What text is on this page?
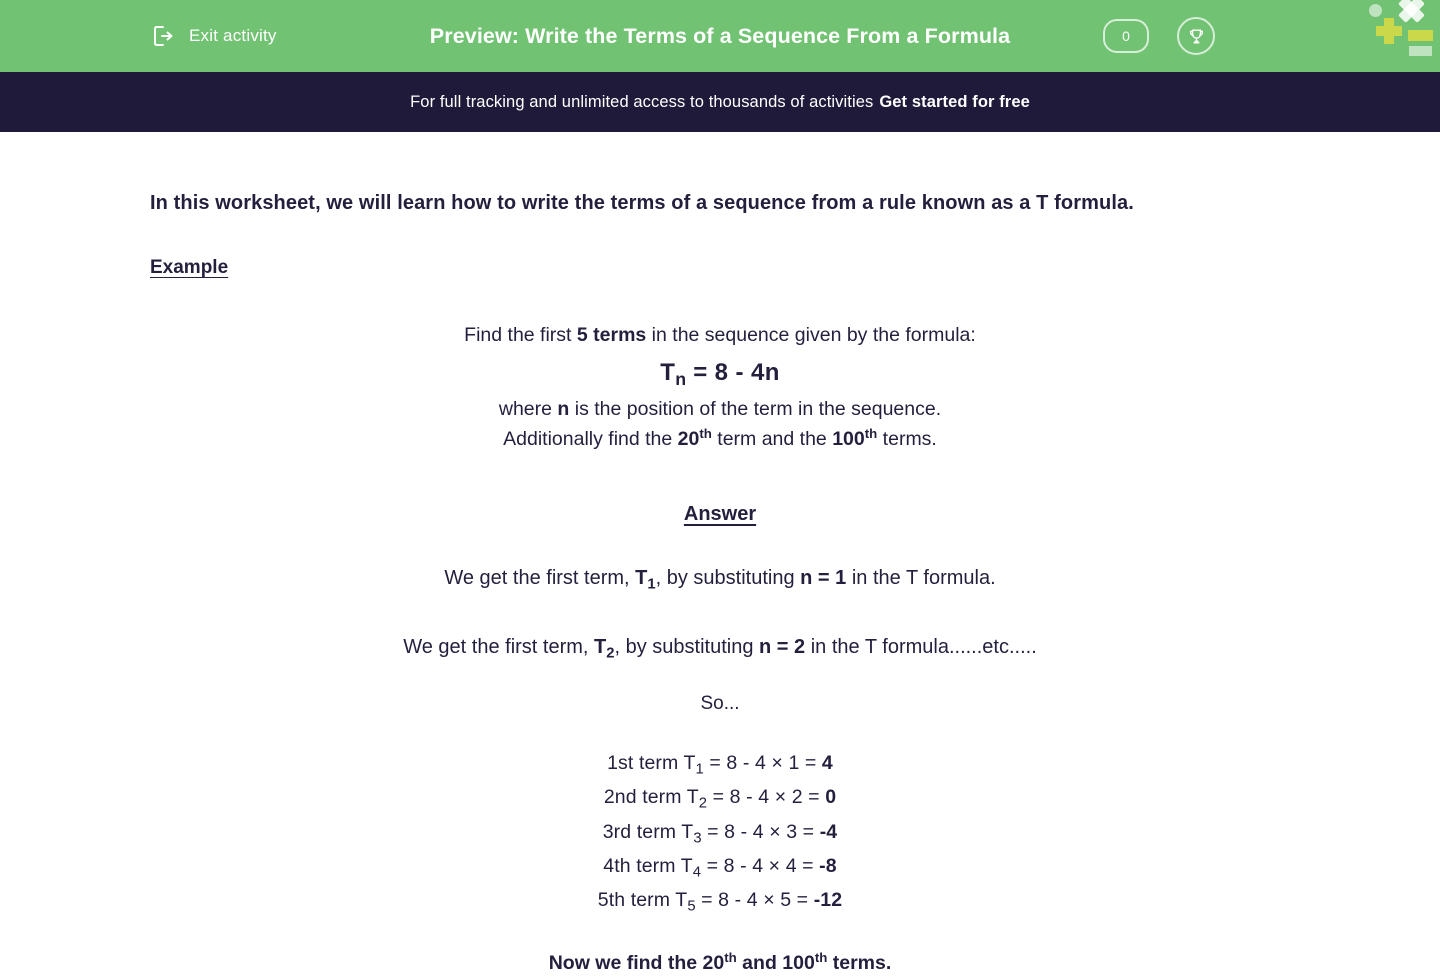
Exit activity	Preview: Write the Terms of a Sequence From a Formula	0
For full tracking and unlimited access to thousands of activities Get started for free

In this worksheet, we will learn how to write the terms of a sequence from a rule known as a T formula.

Example
Find the first 5 terms in the sequence given by the formula:
$T_n = 8 - 4n$
where n is the position of the term in the sequence.
Additionally find the 20th term and the 100th terms.
Answer
We get the first term, $T_1$, by substituting n = 1 in the T formula.
We get the first term, $T_2$, by substituting n = 2 in the T formula......etc.....
So...
1st term $T_1 = 8 - 4 \times 1 = 4$
2nd term $T_2 = 8 - 4 \times 2 = 0$
3rd term $T_3 = 8 - 4 \times 3 = -4$
4th term $T_4 = 8 - 4 \times 4 = -8$
5th term $T_5 = 8 - 4 \times 5 = -12$
Now we find the 20th and 100th terms.
